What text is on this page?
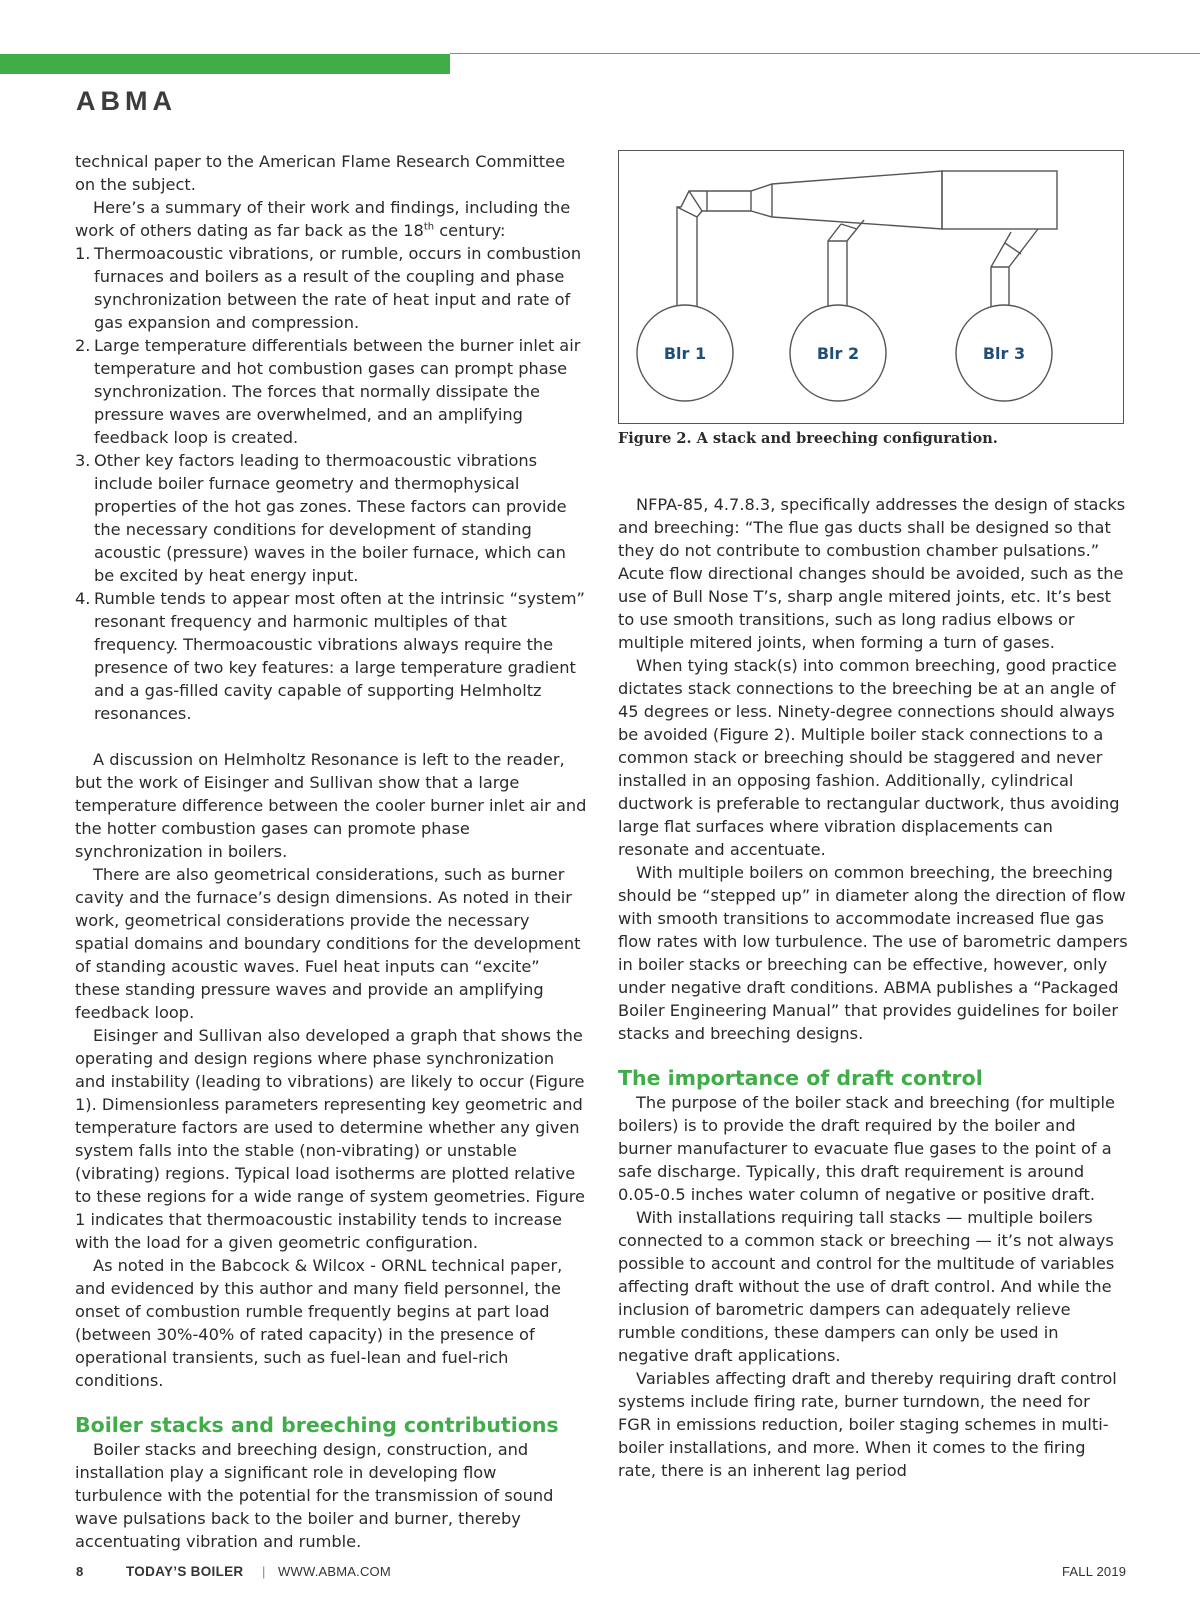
ABMA

technical paper to the American Flame Research Committee on the subject.

Here’s a summary of their work and findings, including the work of others dating as far back as the 18th century:

1. Thermoacoustic vibrations, or rumble, occurs in combustion furnaces and boilers as a result of the coupling and phase synchronization between the rate of heat input and rate of gas expansion and compression.
2. Large temperature differentials between the burner inlet air temperature and hot combustion gases can prompt phase synchronization. The forces that normally dissipate the pressure waves are overwhelmed, and an amplifying feedback loop is created.
3. Other key factors leading to thermoacoustic vibrations include boiler furnace geometry and thermophysical properties of the hot gas zones. These factors can provide the necessary conditions for development of standing acoustic (pressure) waves in the boiler furnace, which can be excited by heat energy input.
4. Rumble tends to appear most often at the intrinsic “system” resonant frequency and harmonic multiples of that frequency. Thermoacoustic vibrations always require the presence of two key features: a large temperature gradient and a gas-filled cavity capable of supporting Helmholtz resonances.

A discussion on Helmholtz Resonance is left to the reader, but the work of Eisinger and Sullivan show that a large temperature difference between the cooler burner inlet air and the hotter combustion gases can promote phase synchronization in boilers.

There are also geometrical considerations, such as burner cavity and the furnace’s design dimensions. As noted in their work, geometrical considerations provide the necessary spatial domains and boundary conditions for the development of standing acoustic waves. Fuel heat inputs can “excite” these standing pressure waves and provide an amplifying feedback loop.

Eisinger and Sullivan also developed a graph that shows the operating and design regions where phase synchronization and instability (leading to vibrations) are likely to occur (Figure 1). Dimensionless parameters representing key geometric and temperature factors are used to determine whether any given system falls into the stable (non-vibrating) or unstable (vibrating) regions. Typical load isotherms are plotted relative to these regions for a wide range of system geometries. Figure 1 indicates that thermoacoustic instability tends to increase with the load for a given geometric configuration.

As noted in the Babcock & Wilcox - ORNL technical paper, and evidenced by this author and many field personnel, the onset of combustion rumble frequently begins at part load (between 30%-40% of rated capacity) in the presence of operational transients, such as fuel-lean and fuel-rich conditions.

Boiler stacks and breeching contributions

Boiler stacks and breeching design, construction, and installation play a significant role in developing flow turbulence with the potential for the transmission of sound wave pulsations back to the boiler and burner, thereby accentuating vibration and rumble.

Blr 1	Blr 2	Blr 3

Figure 2. A stack and breeching configuration.

NFPA-85, 4.7.8.3, specifically addresses the design of stacks and breeching: “The flue gas ducts shall be designed so that they do not contribute to combustion chamber pulsations.” Acute flow directional changes should be avoided, such as the use of Bull Nose T’s, sharp angle mitered joints, etc. It’s best to use smooth transitions, such as long radius elbows or multiple mitered joints, when forming a turn of gases.

When tying stack(s) into common breeching, good practice dictates stack connections to the breeching be at an angle of 45 degrees or less. Ninety-degree connections should always be avoided (Figure 2). Multiple boiler stack connections to a common stack or breeching should be staggered and never installed in an opposing fashion. Additionally, cylindrical ductwork is preferable to rectangular ductwork, thus avoiding large flat surfaces where vibration displacements can resonate and accentuate.

With multiple boilers on common breeching, the breeching should be “stepped up” in diameter along the direction of flow with smooth transitions to accommodate increased flue gas flow rates with low turbulence. The use of barometric dampers in boiler stacks or breeching can be effective, however, only under negative draft conditions. ABMA publishes a “Packaged Boiler Engineering Manual” that provides guidelines for boiler stacks and breeching designs.

The importance of draft control

The purpose of the boiler stack and breeching (for multiple boilers) is to provide the draft required by the boiler and burner manufacturer to evacuate flue gases to the point of a safe discharge. Typically, this draft requirement is around 0.05-0.5 inches water column of negative or positive draft.

With installations requiring tall stacks — multiple boilers connected to a common stack or breeching — it’s not always possible to account and control for the multitude of variables affecting draft without the use of draft control. And while the inclusion of barometric dampers can adequately relieve rumble conditions, these dampers can only be used in negative draft applications.

Variables affecting draft and thereby requiring draft control systems include firing rate, burner turndown, the need for FGR in emissions reduction, boiler staging schemes in multi-boiler installations, and more. When it comes to the firing rate, there is an inherent lag period

8	TODAY’S BOILER | WWW.ABMA.COM	FALL 2019
